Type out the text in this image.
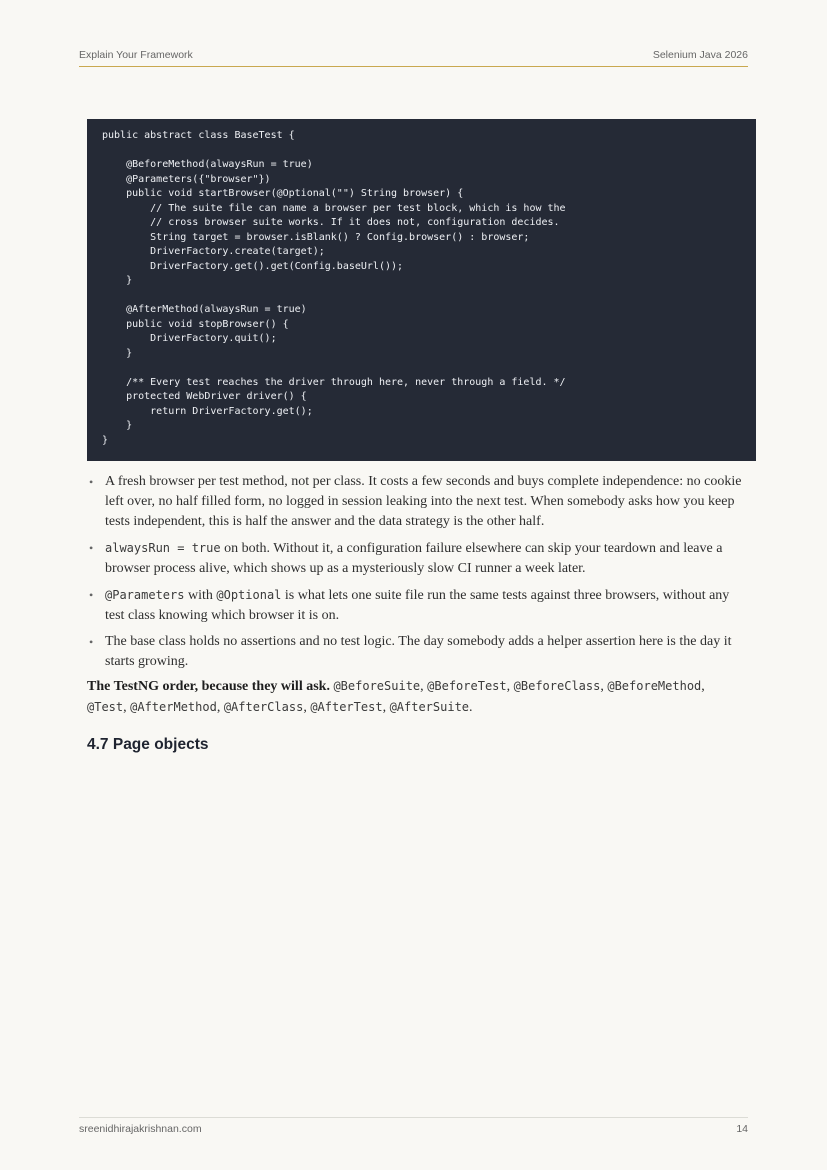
Explain Your Framework	Selenium Java 2026
public abstract class BaseTest {

@BeforeMethod(alwaysRun = true)
@Parameters({"browser"})
public void startBrowser(@Optional("") String browser) {
// The suite file can name a browser per test block, which is how the
// cross browser suite works. If it does not, configuration decides.
String target = browser.isBlank() ? Config.browser() : browser;
DriverFactory.create(target);
DriverFactory.get().get(Config.baseUrl());
}

@AfterMethod(alwaysRun = true)
public void stopBrowser() {
DriverFactory.quit();
}

/** Every test reaches the driver through here, never through a field. */
protected WebDriver driver() {
return DriverFactory.get();
}
}
• A fresh browser per test method, not per class. It costs a few seconds and buys complete independence: no cookie left over, no half filled form, no logged in session leaking into the next test. When somebody asks how you keep tests independent, this is half the answer and the data strategy is the other half.
• alwaysRun = true on both. Without it, a configuration failure elsewhere can skip your teardown and leave a browser process alive, which shows up as a mysteriously slow CI runner a week later.
• @Parameters with @Optional is what lets one suite file run the same tests against three browsers, without any test class knowing which browser it is on.
• The base class holds no assertions and no test logic. The day somebody adds a helper assertion here is the day it starts growing.
The TestNG order, because they will ask. @BeforeSuite, @BeforeTest, @BeforeClass, @BeforeMethod, @Test, @AfterMethod, @AfterClass, @AfterTest, @AfterSuite.
4.7 Page objects
sreenidhirajakrishnan.com	14
